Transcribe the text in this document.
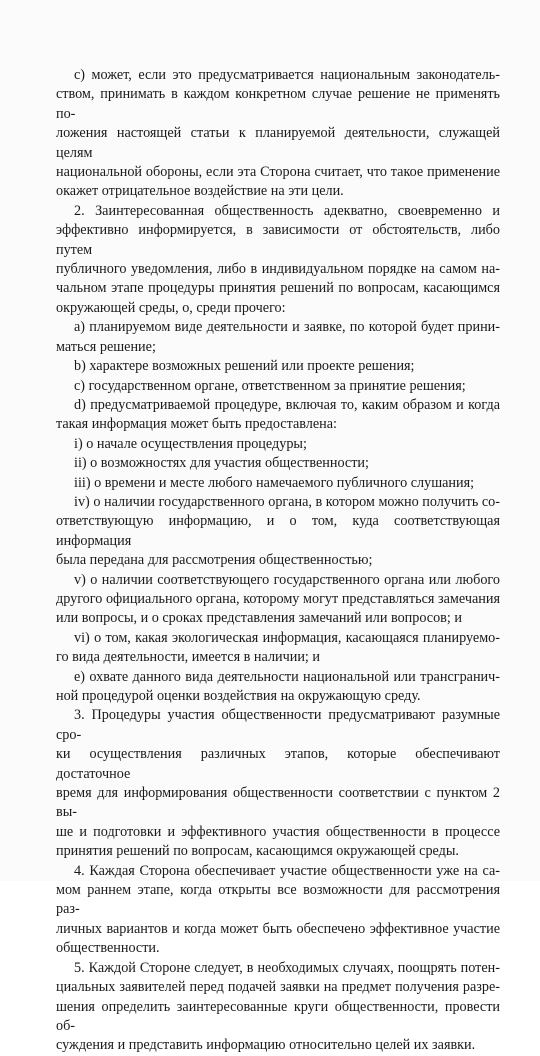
c) может, если это предусматривается национальным законодатель-
ством, принимать в каждом конкретном случае решение не применять по-
ложения настоящей статьи к планируемой деятельности, служащей целям
национальной обороны, если эта Сторона считает, что такое применение
окажет отрицательное воздействие на эти цели.

2. Заинтересованная общественность адекватно, своевременно и
эффективно информируется, в зависимости от обстоятельств, либо путем
публичного уведомления, либо в индивидуальном порядке на самом на-
чальном этапе процедуры принятия решений по вопросам, касающимся
окружающей среды, о, среди прочего:

a) планируемом виде деятельности и заявке, по которой будет прини-
маться решение;

b) характере возможных решений или проекте решения;

c) государственном органе, ответственном за принятие решения;

d) предусматриваемой процедуре, включая то, каким образом и когда
такая информация может быть предоставлена:

i) о начале осуществления процедуры;

ii) о возможностях для участия общественности;

iii) о времени и месте любого намечаемого публичного слушания;

iv) о наличии государственного органа, в котором можно получить со-
ответствующую информацию, и о том, куда соответствующая информация
была передана для рассмотрения общественностью;

v) о наличии соответствующего государственного органа или любого
другого официального органа, которому могут представляться замечания
или вопросы, и о сроках представления замечаний или вопросов; и

vi) о том, какая экологическая информация, касающаяся планируемо-
го вида деятельности, имеется в наличии; и

e) охвате данного вида деятельности национальной или трансгранич-
ной процедурой оценки воздействия на окружающую среду.

3. Процедуры участия общественности предусматривают разумные сро-
ки осуществления различных этапов, которые обеспечивают достаточное
время для информирования общественности соответствии с пунктом 2 вы-
ше и подготовки и эффективного участия общественности в процессе
принятия решений по вопросам, касающимся окружающей среды.

4. Каждая Сторона обеспечивает участие общественности уже на са-
мом раннем этапе, когда открыты все возможности для рассмотрения раз-
личных вариантов и когда может быть обеспечено эффективное участие
общественности.

5. Каждой Стороне следует, в необходимых случаях, поощрять потен-
циальных заявителей перед подачей заявки на предмет получения разре-
шения определить заинтересованные круги общественности, провести об-
суждения и представить информацию относительно целей их заявки.
